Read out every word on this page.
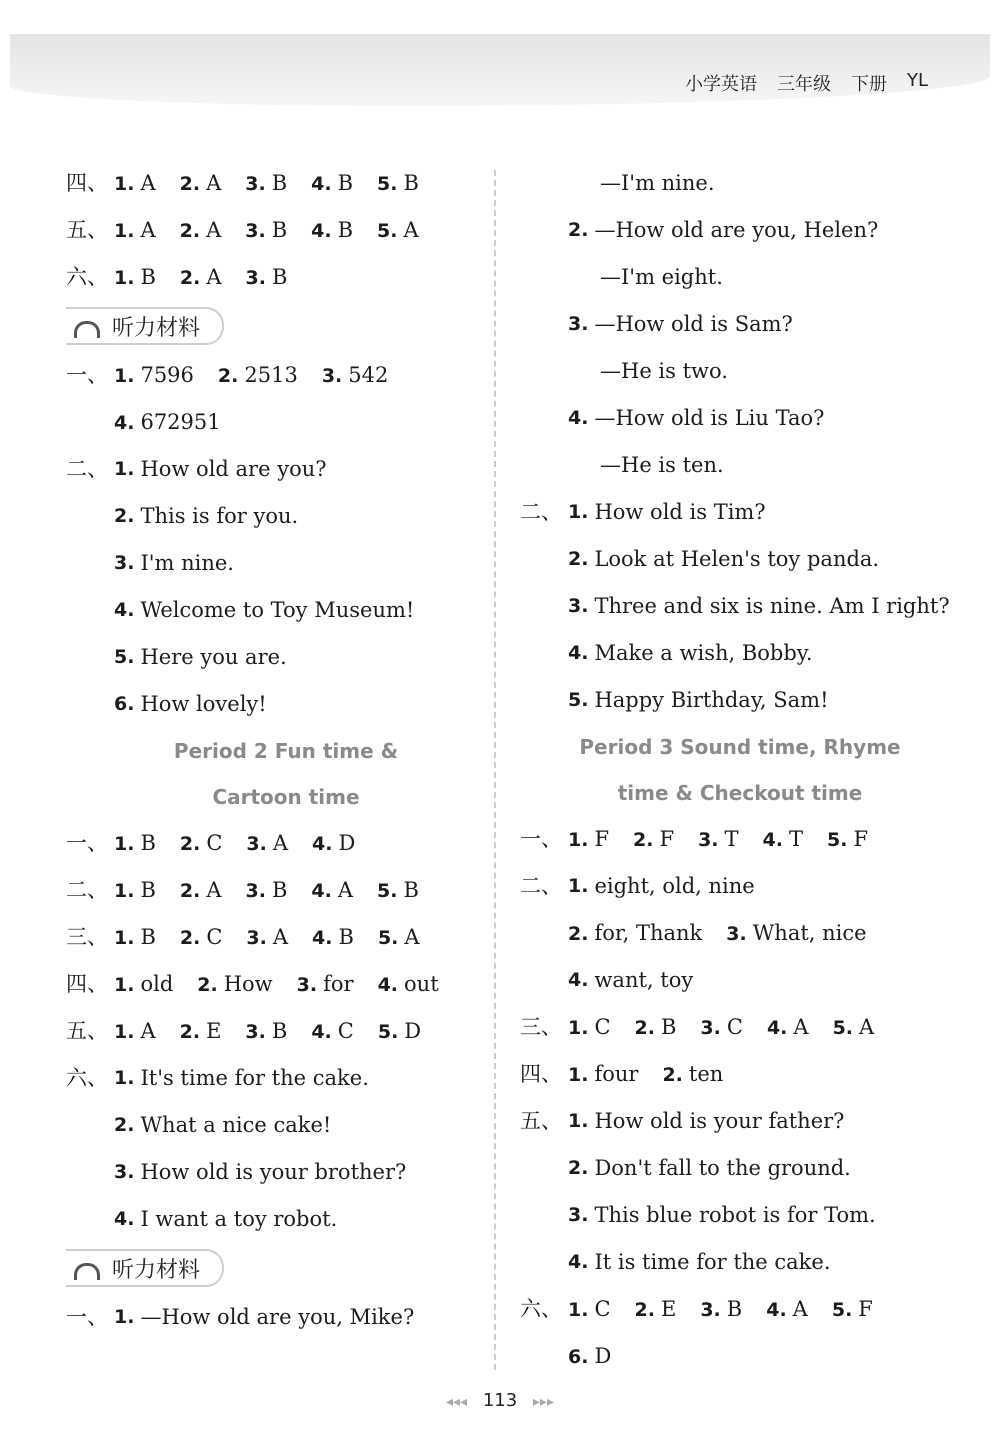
小学英语 三年级 下册 YL
四、 1. A 2. A 3. B 4. B 5. B
五、 1. A 2. A 3. B 4. B 5. A
六、 1. B 2. A 3. B
听力材料
一、 1. 7596 2. 2513 3. 542
4. 672951
二、 1. How old are you?
2. This is for you.
3. I'm nine.
4. Welcome to Toy Museum!
5. Here you are.
6. How lovely!
Period 2 Fun time &
Cartoon time
一、 1. B 2. C 3. A 4. D
二、 1. B 2. A 3. B 4. A 5. B
三、 1. B 2. C 3. A 4. B 5. A
四、 1. old 2. How 3. for 4. out
五、 1. A 2. E 3. B 4. C 5. D
六、 1. It's time for the cake.
2. What a nice cake!
3. How old is your brother?
4. I want a toy robot.
听力材料
一、 1. —How old are you, Mike?
—I'm nine.
2. —How old are you, Helen?
—I'm eight.
3. —How old is Sam?
—He is two.
4. —How old is Liu Tao?
—He is ten.
二、 1. How old is Tim?
2. Look at Helen's toy panda.
3. Three and six is nine. Am I right?
4. Make a wish, Bobby.
5. Happy Birthday, Sam!
Period 3 Sound time, Rhyme
time & Checkout time
一、 1. F 2. F 3. T 4. T 5. F
二、 1. eight, old, nine
2. for, Thank 3. What, nice
4. want, toy
三、 1. C 2. B 3. C 4. A 5. A
四、 1. four 2. ten
五、 1. How old is your father?
2. Don't fall to the ground.
3. This blue robot is for Tom.
4. It is time for the cake.
六、 1. C 2. E 3. B 4. A 5. F
6. D
◂◂◂ 113 ▸▸▸
